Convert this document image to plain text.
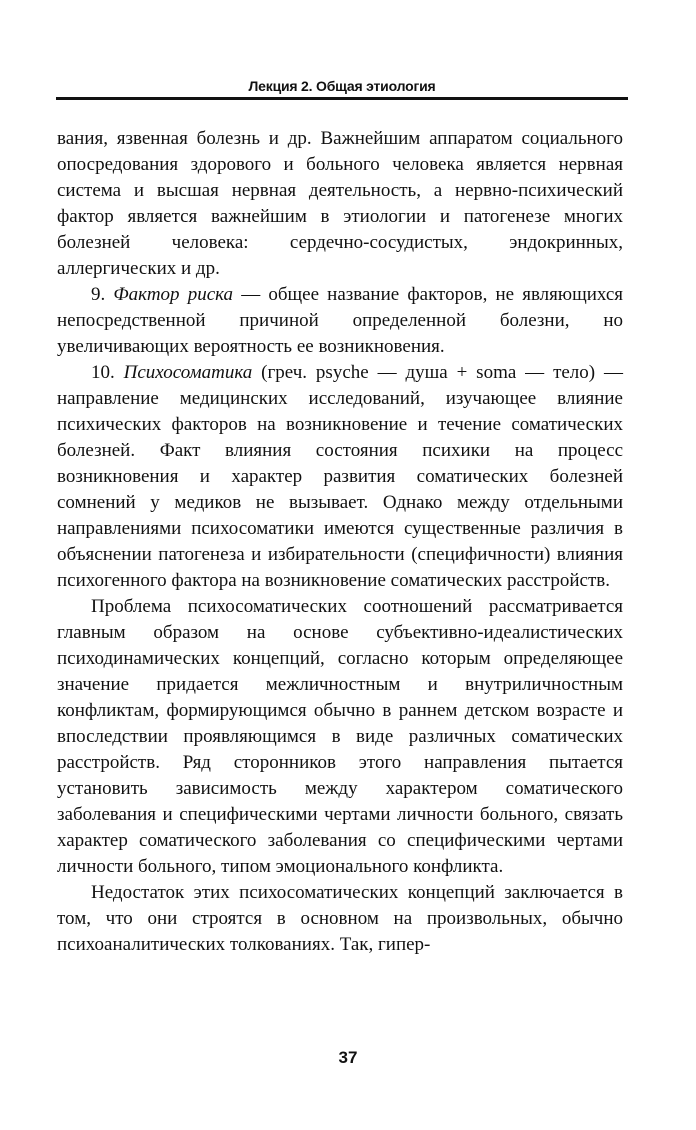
Лекция 2. Общая этиология

вания, язвенная болезнь и др. Важнейшим аппаратом социального опосредования здорового и больного человека является нервная система и высшая нервная деятельность, а нервно-психический фактор является важнейшим в этиологии и патогенезе многих болезней человека: сердечно-сосудистых, эндокринных, аллергических и др.

9. Фактор риска — общее название факторов, не являющихся непосредственной причиной определенной болезни, но увеличивающих вероятность ее возникновения.

10. Психосоматика (греч. psyche — душа + soma — тело) — направление медицинских исследований, изучающее влияние психических факторов на возникновение и течение соматических болезней. Факт влияния состояния психики на процесс возникновения и характер развития соматических болезней сомнений у медиков не вызывает. Однако между отдельными направлениями психосоматики имеются существенные различия в объяснении патогенеза и избирательности (специфичности) влияния психогенного фактора на возникновение соматических расстройств.

Проблема психосоматических соотношений рассматривается главным образом на основе субъективно-идеалистических психодинамических концепций, согласно которым определяющее значение придается межличностным и внутриличностным конфликтам, формирующимся обычно в раннем детском возрасте и впоследствии проявляющимся в виде различных соматических расстройств. Ряд сторонников этого направления пытается установить зависимость между характером соматического заболевания и специфическими чертами личности больного, связать характер соматического заболевания со специфическими чертами личности больного, типом эмоционального конфликта.

Недостаток этих психосоматических концепций заключается в том, что они строятся в основном на произвольных, обычно психоаналитических толкованиях. Так, гипер-

37
